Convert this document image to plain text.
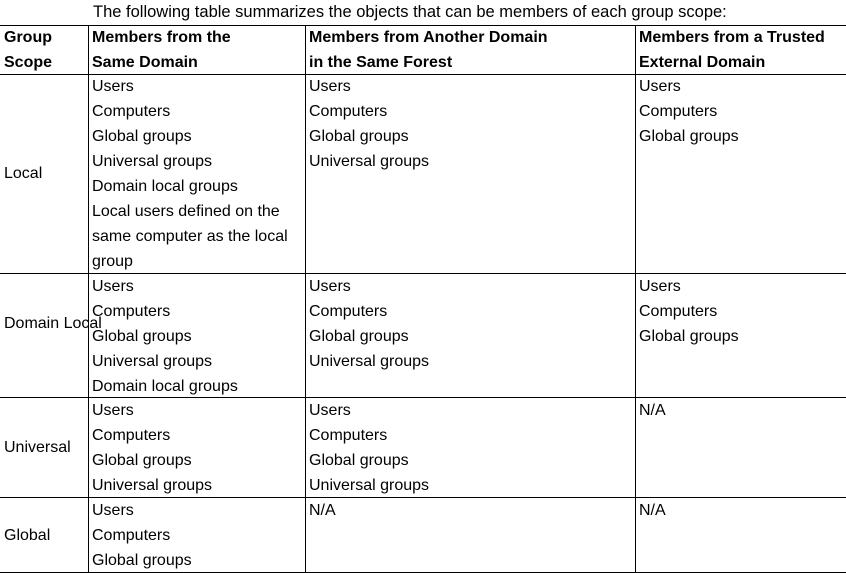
The following table summarizes the objects that can be members of each group scope:
Group
Scope
Members from the
Same Domain
Members from Another Domain
in the Same Forest
Members from a Trusted
External Domain
Local
Users
Computers
Global groups
Universal groups
Domain local groups
Local users defined on the
same computer as the local
group
Users
Computers
Global groups
Universal groups
Users
Computers
Global groups
Domain Local
Users
Computers
Global groups
Universal groups
Domain local groups
Users
Computers
Global groups
Universal groups
Users
Computers
Global groups
Universal
Users
Computers
Global groups
Universal groups
Users
Computers
Global groups
Universal groups
N/A
Global
Users
Computers
Global groups
N/A	N/A
